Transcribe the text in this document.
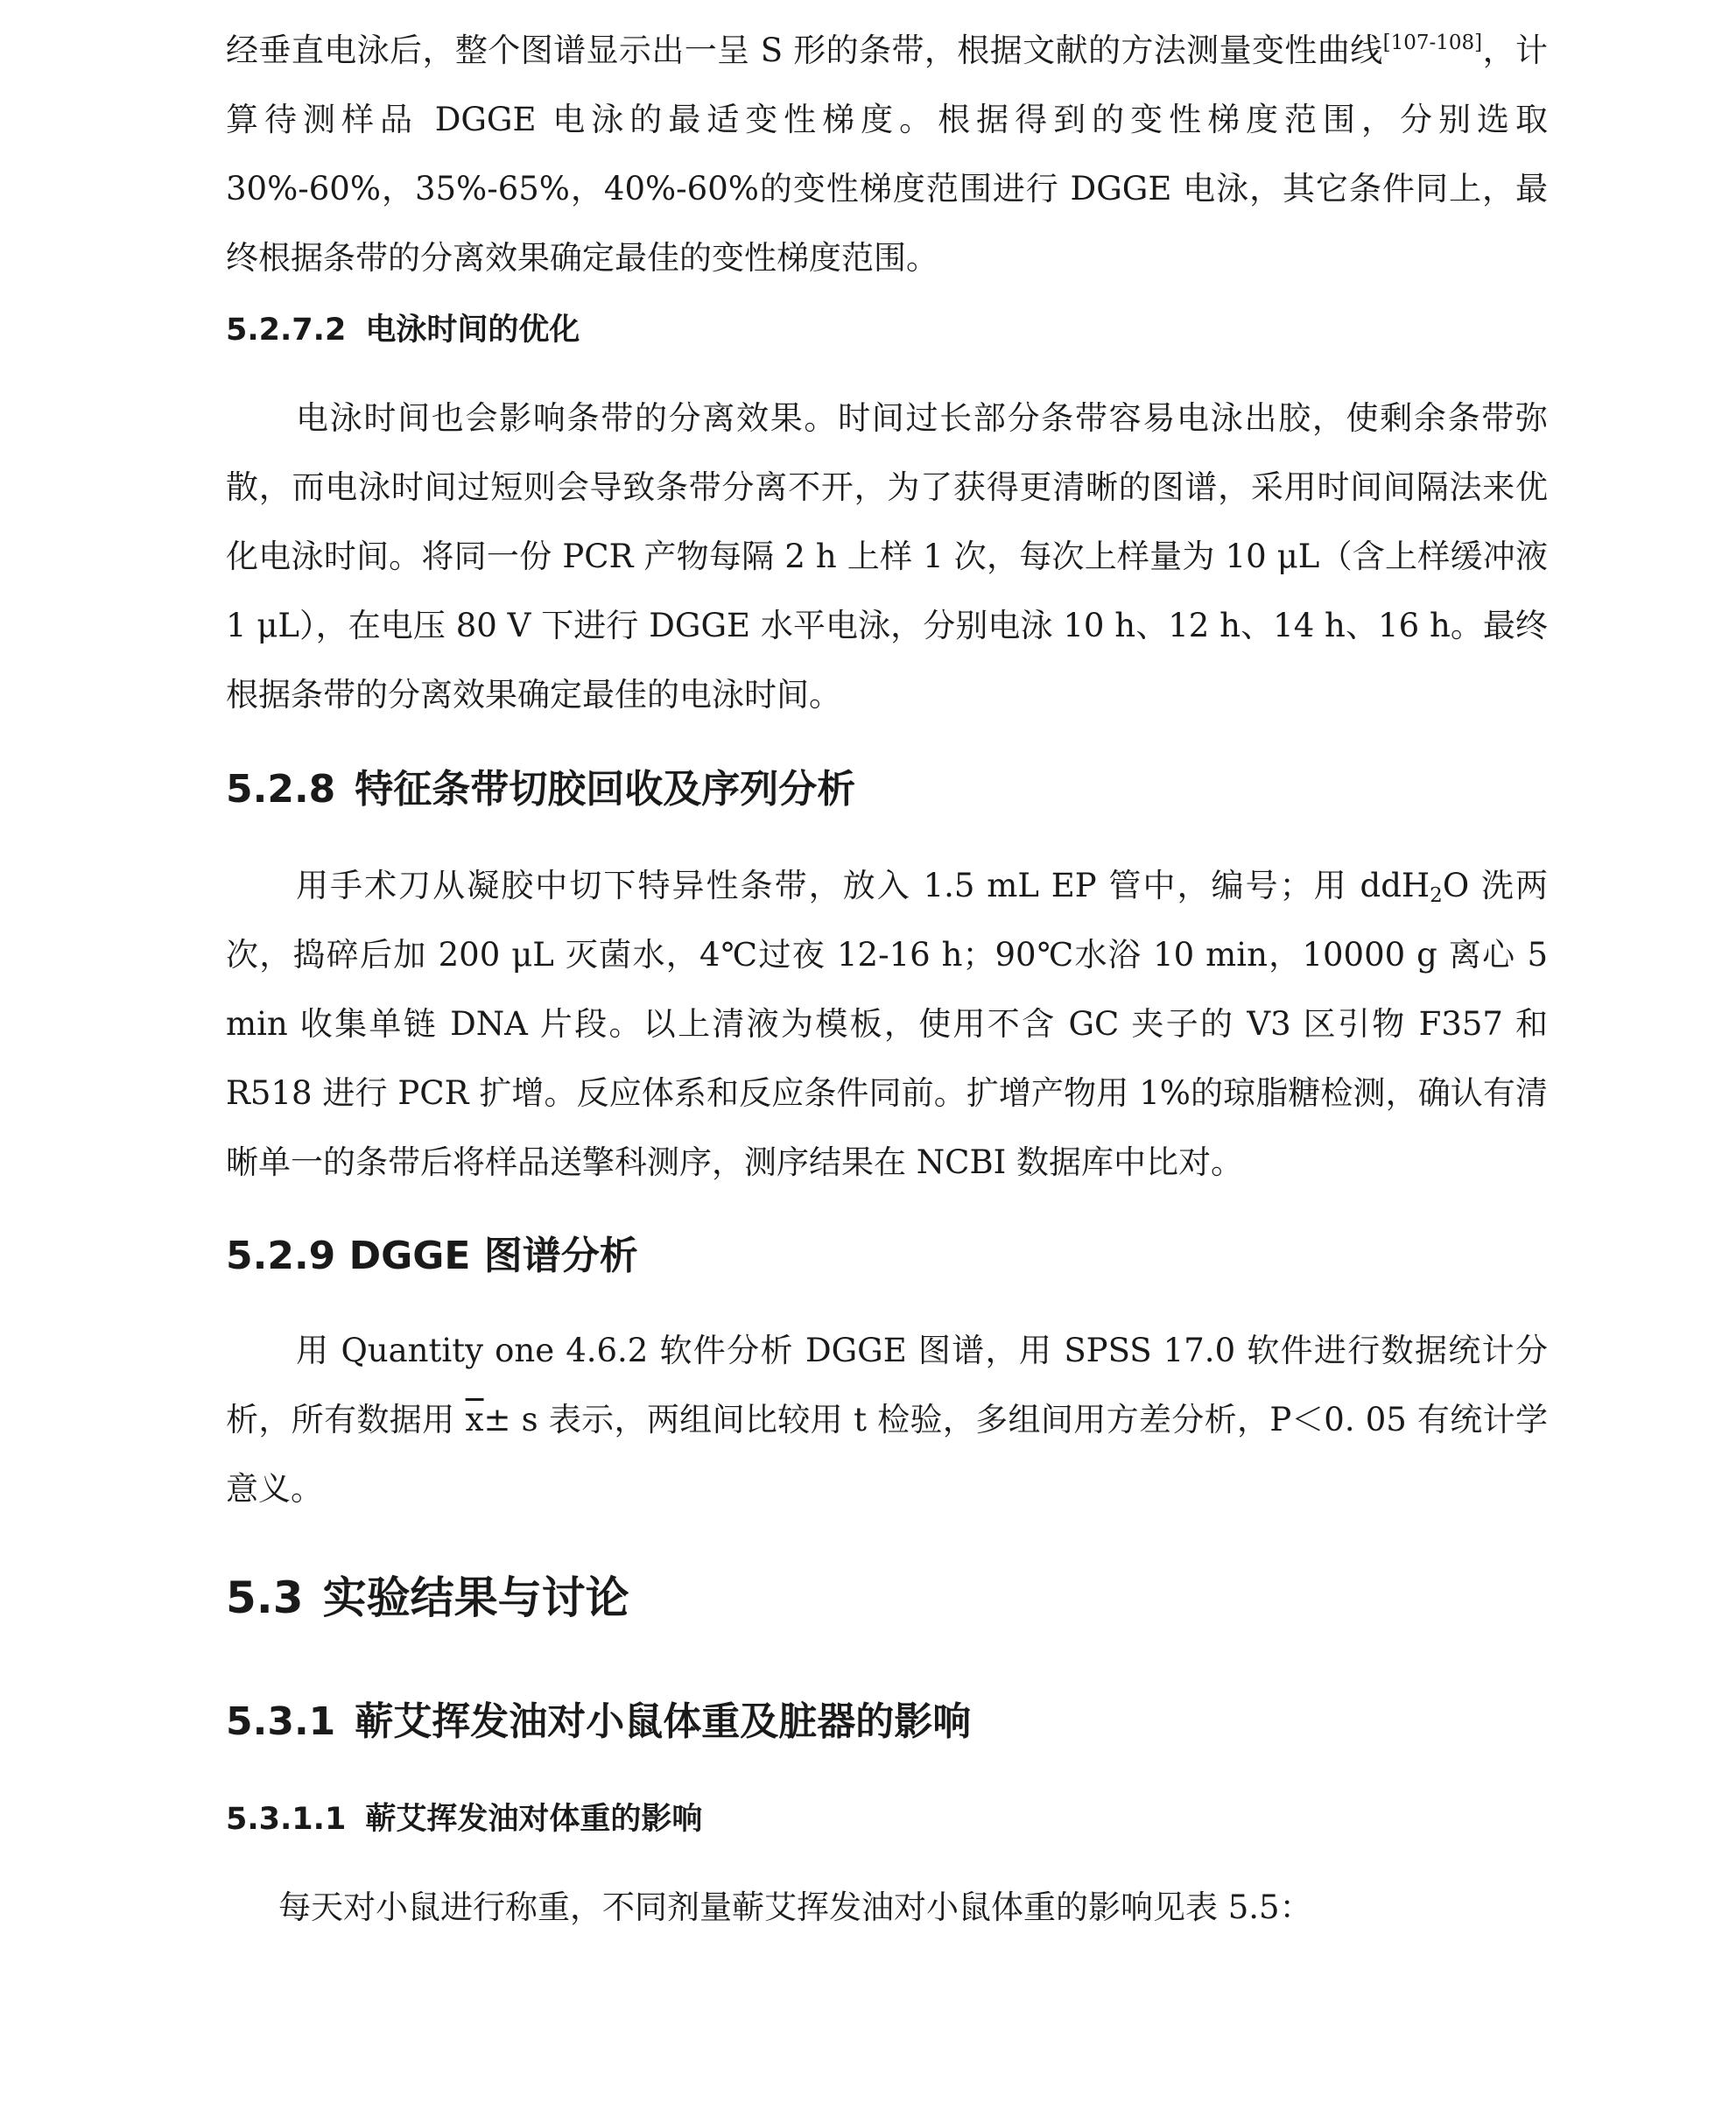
经垂直电泳后，整个图谱显示出一呈 S 形的条带，根据文献的方法测量变性曲线[107-108]，计算待测样品 DGGE 电泳的最适变性梯度。根据得到的变性梯度范围，分别选取 30%-60%，35%-65%，40%-60%的变性梯度范围进行 DGGE 电泳，其它条件同上，最终根据条带的分离效果确定最佳的变性梯度范围。

5.2.7.2 电泳时间的优化

电泳时间也会影响条带的分离效果。时间过长部分条带容易电泳出胶，使剩余条带弥散，而电泳时间过短则会导致条带分离不开，为了获得更清晰的图谱，采用时间间隔法来优化电泳时间。将同一份 PCR 产物每隔 2 h 上样 1 次，每次上样量为 10 μL（含上样缓冲液 1 μL），在电压 80 V 下进行 DGGE 水平电泳，分别电泳 10 h、12 h、14 h、16 h。最终根据条带的分离效果确定最佳的电泳时间。

5.2.8 特征条带切胶回收及序列分析

用手术刀从凝胶中切下特异性条带，放入 1.5 mL EP 管中，编号；用 ddH$_2$O 洗两次，捣碎后加 200 μL 灭菌水，4℃过夜 12-16 h；90℃水浴 10 min，10000 g 离心 5 min 收集单链 DNA 片段。以上清液为模板，使用不含 GC 夹子的 V3 区引物 F357 和 R518 进行 PCR 扩增。反应体系和反应条件同前。扩增产物用 1%的琼脂糖检测，确认有清晰单一的条带后将样品送擎科测序，测序结果在 NCBI 数据库中比对。

5.2.9 DGGE 图谱分析

用 Quantity one 4.6.2 软件分析 DGGE 图谱，用 SPSS 17.0 软件进行数据统计分析，所有数据用 $\overline{x}\pm s$ 表示，两组间比较用 t 检验，多组间用方差分析，P＜0. 05 有统计学意义。

5.3 实验结果与讨论
5.3.1 蕲艾挥发油对小鼠体重及脏器的影响
5.3.1.1 蕲艾挥发油对体重的影响

每天对小鼠进行称重，不同剂量蕲艾挥发油对小鼠体重的影响见表 5.5：
